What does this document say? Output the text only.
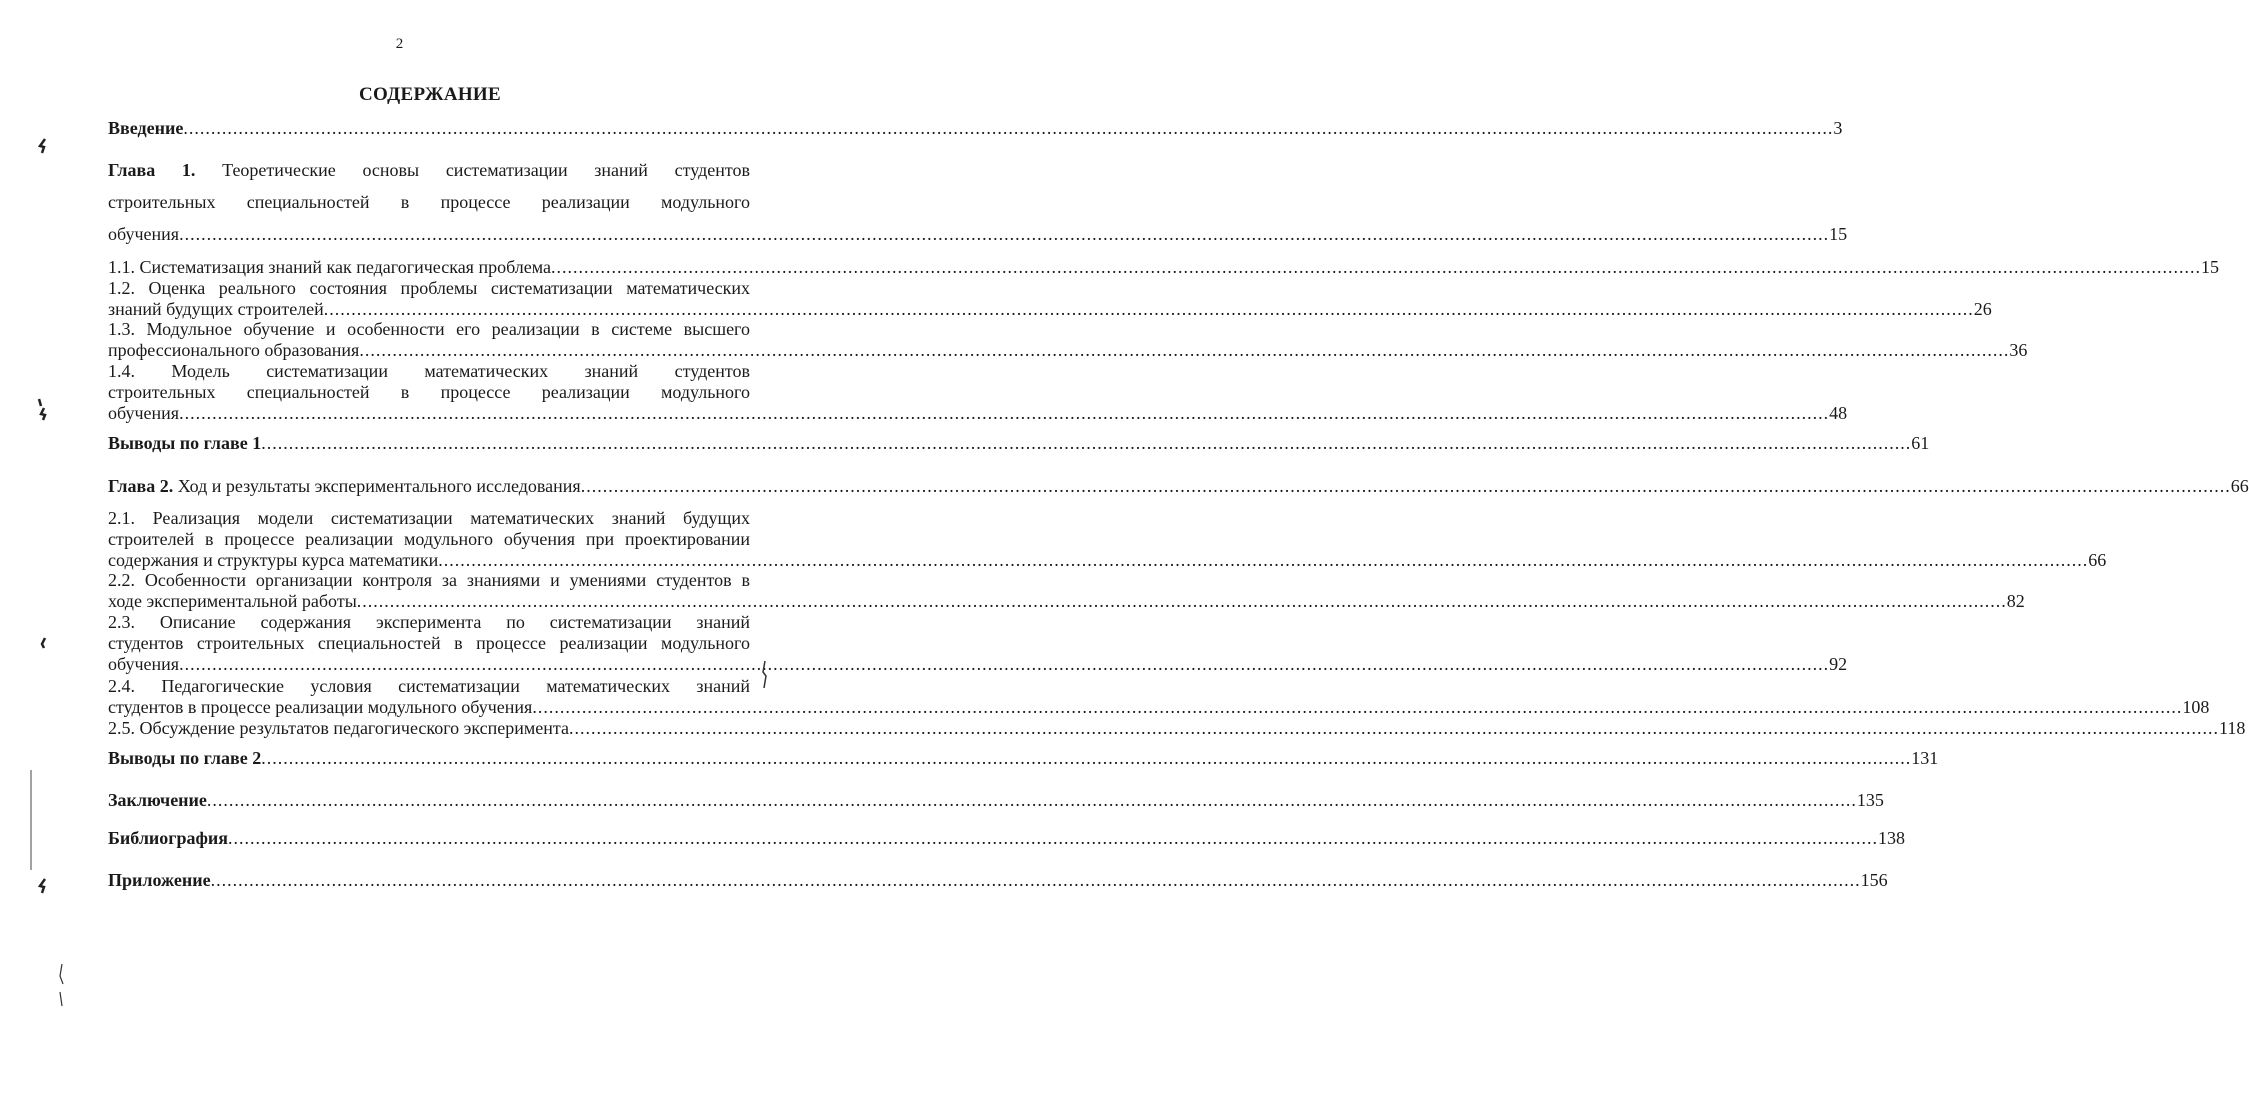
2
СОДЕРЖАНИЕ
Введение ............................................................................................................................................................................................................................................................................................................ 3
Глава 1. Теоретические основы систематизации знаний студентов
строительных специальностей в процессе реализации модульного
обучения ............................................................................................................................................................................................................................................................................................................ 15
1.1. Систематизация знаний как педагогическая проблема ............................................................................................................................................................................................................................................................................................................ 15
1.2. Оценка реального состояния проблемы систематизации математических
знаний будущих строителей ............................................................................................................................................................................................................................................................................................................ 26
1.3. Модульное обучение и особенности его реализации в системе высшего
профессионального образования ............................................................................................................................................................................................................................................................................................................ 36
1.4. Модель систематизации математических знаний студентов
строительных специальностей в процессе реализации модульного
обучения ............................................................................................................................................................................................................................................................................................................ 48
Выводы по главе 1 ............................................................................................................................................................................................................................................................................................................ 61
Глава 2. Ход и результаты экспериментального исследования ............................................................................................................................................................................................................................................................................................................ 66
2.1. Реализация модели систематизации математических знаний будущих
строителей в процессе реализации модульного обучения при проектировании
содержания и структуры курса математики ............................................................................................................................................................................................................................................................................................................ 66
2.2. Особенности организации контроля за знаниями и умениями студентов в
ходе экспериментальной работы ............................................................................................................................................................................................................................................................................................................ 82
2.3. Описание содержания эксперимента по систематизации знаний
студентов строительных специальностей в процессе реализации модульного
обучения ............................................................................................................................................................................................................................................................................................................ 92
2.4. Педагогические условия систематизации математических знаний
студентов в процессе реализации модульного обучения ............................................................................................................................................................................................................................................................................................................ 108
2.5. Обсуждение результатов педагогического эксперимента ............................................................................................................................................................................................................................................................................................................ 118
Выводы по главе 2 ............................................................................................................................................................................................................................................................................................................ 131
Заключение ............................................................................................................................................................................................................................................................................................................ 135
Библиография ............................................................................................................................................................................................................................................................................................................ 138
Приложение ............................................................................................................................................................................................................................................................................................................ 156
